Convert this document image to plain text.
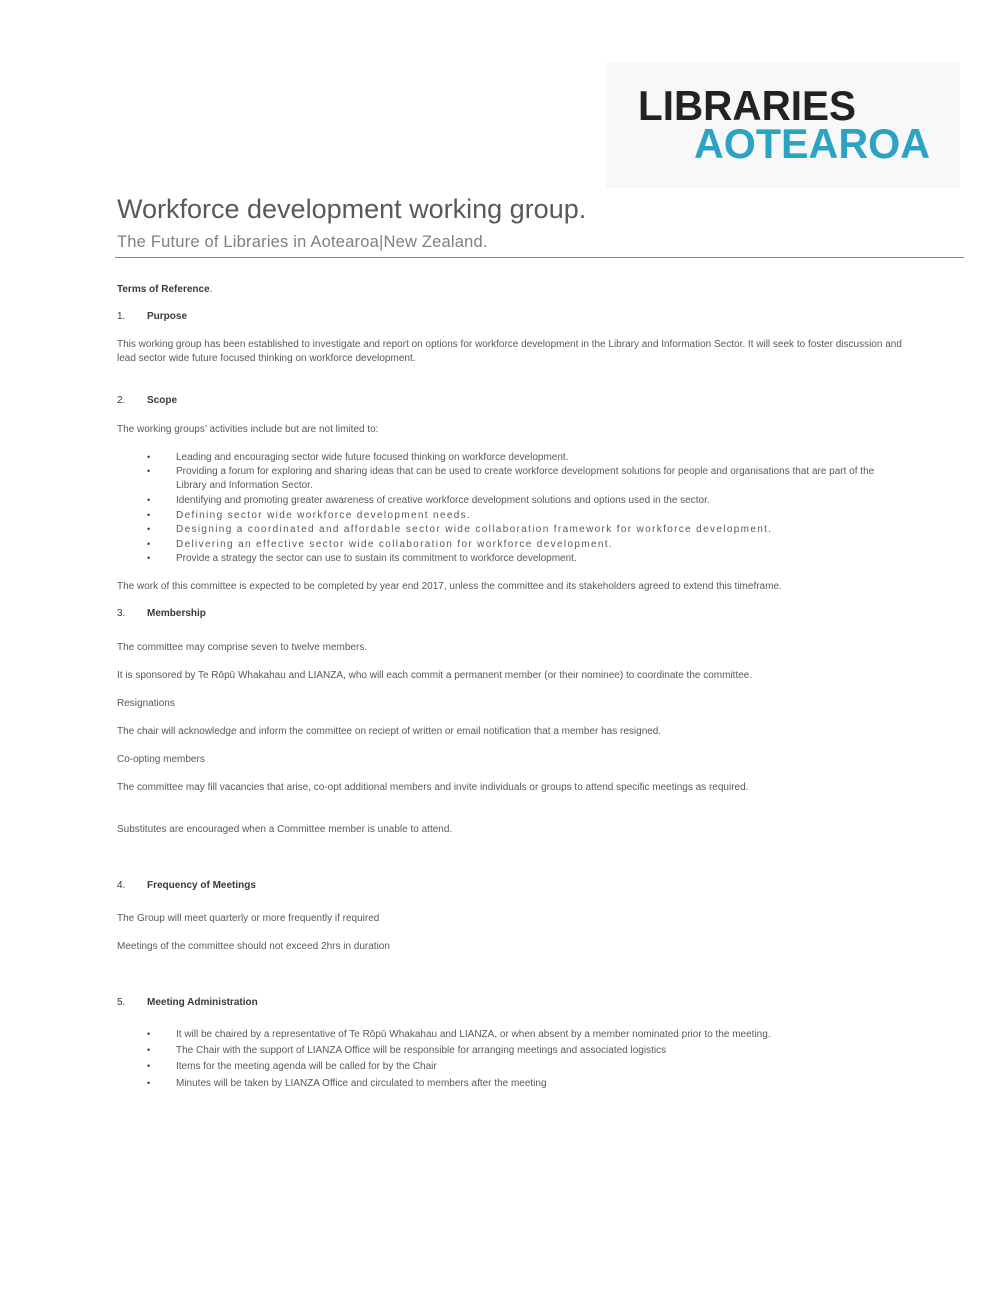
LIBRARIES
AOTEAROA
Workforce development working group.
The Future of Libraries in Aotearoa|New Zealand.
Terms of Reference.
1. Purpose
This working group has been established to investigate and report on options for workforce development in the Library and Information Sector. It will seek to foster discussion and lead sector wide future focused thinking on workforce development.
2. Scope
The working groups’ activities include but are not limited to:
•	Leading and encouraging sector wide future focused thinking on workforce development.
•	Providing a forum for exploring and sharing ideas that can be used to create workforce development solutions for people and organisations that are part of the Library and Information Sector.
•	Identifying and promoting greater awareness of creative workforce development solutions and options used in the sector.
•	Defining sector wide workforce development needs.
•	Designing a coordinated and affordable sector wide collaboration framework for workforce development.
•	Delivering an effective sector wide collaboration for workforce development.
•	Provide a strategy the sector can use to sustain its commitment to workforce development.
The work of this committee is expected to be completed by year end 2017, unless the committee and its stakeholders agreed to extend this timeframe.
3. Membership
The committee may comprise seven to twelve members.
It is sponsored by Te Rōpū Whakahau and LIANZA, who will each commit a permanent member (or their nominee) to coordinate the committee.
Resignations
The chair will acknowledge and inform the committee on reciept of written or email notification that a member has resigned.
Co-opting members
The committee may fill vacancies that arise, co-opt additional members and invite individuals or groups to attend specific meetings as required.
Substitutes are encouraged when a Committee member is unable to attend.
4. Frequency of Meetings
The Group will meet quarterly or more frequently if required
Meetings of the committee should not exceed 2hrs in duration
5. Meeting Administration
•	It will be chaired by a representative of Te Rōpū Whakahau and LIANZA, or when absent by a member nominated prior to the meeting.
•	The Chair with the support of LIANZA Office will be responsible for arranging meetings and associated logistics
•	Items for the meeting agenda will be called for by the Chair
•	Minutes will be taken by LIANZA Office and circulated to members after the meeting
